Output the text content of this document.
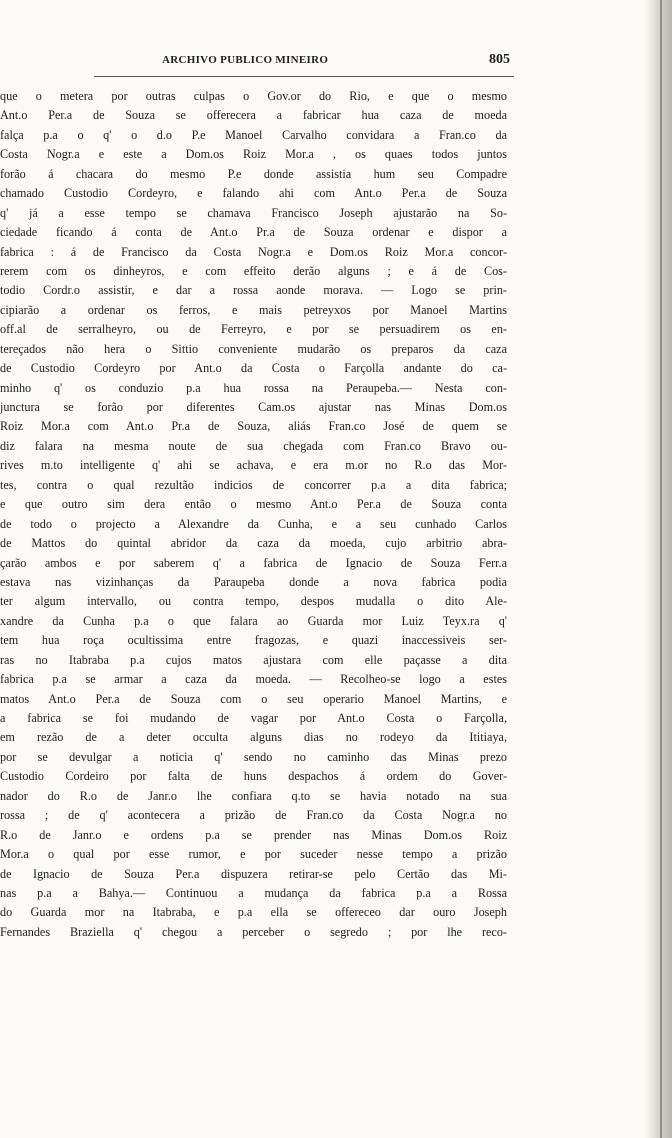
ARCHIVO PUBLICO MINEIRO	805
que o metera por outras culpas o Gov.or do Rio, e que o mesmo
Ant.o Per.a de Souza se offerecera a fabricar hua caza de moeda
falça p.a o q' o d.o P.e Manoel Carvalho convidara a Fran.co da
Costa Nogr.a e este a Dom.os Roiz Mor.a , os quaes todos juntos
forão á chacara do mesmo P.e donde assistia hum seu Compadre
chamado Custodio Cordeyro, e falando ahi com Ant.o Per.a de Souza
q' já a esse tempo se chamava Francisco Joseph ajustarão na So-
ciedade ficando á conta de Ant.o Pr.a de Souza ordenar e dispor a
fabrica : á de Francisco da Costa Nogr.a e Dom.os Roiz Mor.a concor-
rerem com os dinheyros, e com effeito derão alguns ; e á de Cos-
todio Cordr.o assistir, e dar a rossa aonde morava. — Logo se prin-
cipiarão a ordenar os ferros, e mais petreyxos por Manoel Martins
off.al de serralheyro, ou de Ferreyro, e por se persuadirem os en-
tereçados não hera o Sittio conveniente mudarão os preparos da caza
de Custodio Cordeyro por Ant.o da Costa o Farçolla andante do ca-
minho q' os conduzio p.a hua rossa na Peraupeba.— Nesta con-
junctura se forão por diferentes Cam.os ajustar nas Minas Dom.os
Roiz Mor.a com Ant.o Pr.a de Souza, aliás Fran.co José de quem se
diz falara na mesma noute de sua chegada com Fran.co Bravo ou-
rives m.to intelligente q' ahi se achava, e era m.or no R.o das Mor-
tes, contra o qual rezultão indicios de concorrer p.a a dita fabrica;
e que outro sim dera então o mesmo Ant.o Per.a de Souza conta
de todo o projecto a Alexandre da Cunha, e a seu cunhado Carlos
de Mattos do quintal abridor da caza da moeda, cujo arbitrio abra-
çarão ambos e por saberem q' a fabrica de Ignacio de Souza Ferr.a
estava nas vizinhanças da Paraupeba donde a nova fabrica podia
ter algum intervallo, ou contra tempo, despos mudalla o dito Ale-
xandre da Cunha p.a o que falara ao Guarda mor Luiz Teyx.ra q'
tem hua roça ocultissima entre fragozas, e quazi inaccessiveis ser-
ras no Itabraba p.a cujos matos ajustara com elle paçasse a dita
fabrica p.a se armar a caza da moeda. — Recolheo-se logo a estes
matos Ant.o Per.a de Souza com o seu operario Manoel Martins, e
a fabrica se foi mudando de vagar por Ant.o Costa o Farçolla,
em rezão de a deter occulta alguns dias no rodeyo da Ititiaya,
por se devulgar a noticia q' sendo no caminho das Minas prezo
Custodio Cordeiro por falta de huns despachos á ordem do Gover-
nador do R.o de Janr.o lhe confiara q.to se havia notado na sua
rossa ; de q' acontecera a prizão de Fran.co da Costa Nogr.a no
R.o de Janr.o e ordens p.a se prender nas Minas Dom.os Roiz
Mor.a o qual por esse rumor, e por suceder nesse tempo a prizão
de Ignacio de Souza Per.a dispuzera retirar-se pelo Certão das Mi-
nas p.a a Bahya.— Continuou a mudança da fabrica p.a a Rossa
do Guarda mor na Itabraba, e p.a ella se offereceo dar ouro Joseph
Fernandes Braziella q' chegou a perceber o segredo ; por lhe reco-
